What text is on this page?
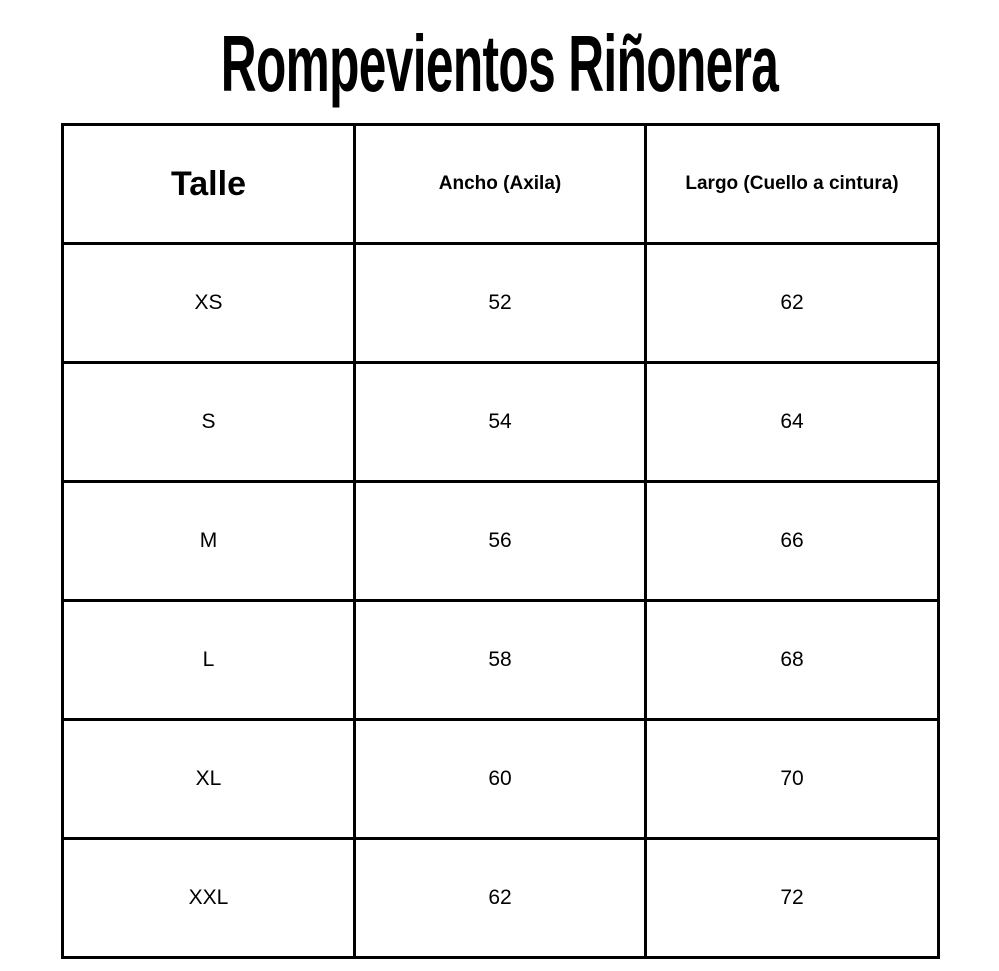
Rompevientos Riñonera
Talle	Ancho (Axila)	Largo (Cuello a cintura)
XS	52	62
S	54	64
M	56	66
L	58	68
XL	60	70
XXL	62	72
